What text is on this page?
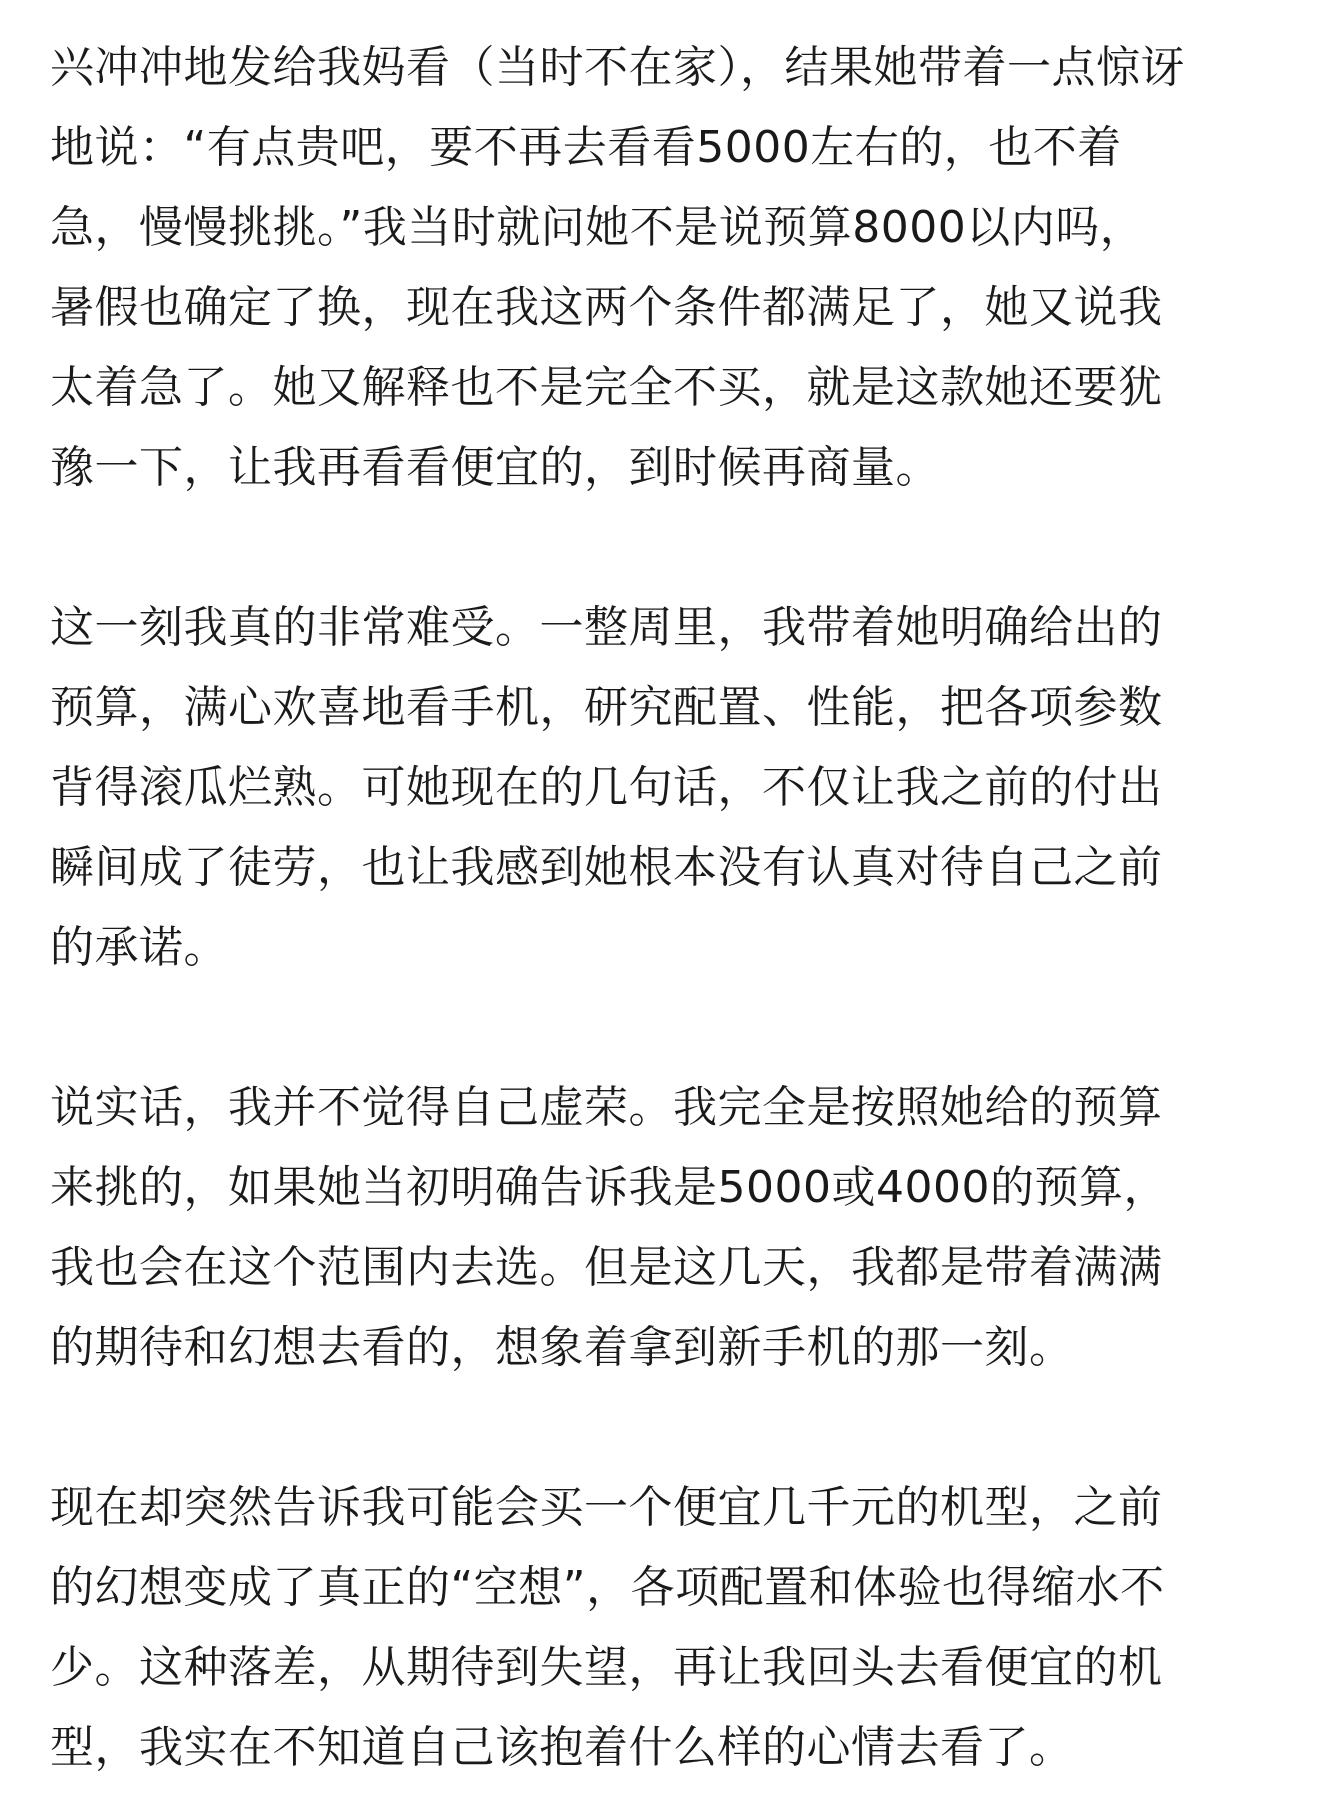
兴冲冲地发给我妈看（当时不在家），结果她带着一点惊讶
地说：“有点贵吧，要不再去看看5000左右的，也不着
急，慢慢挑挑。”我当时就问她不是说预算8000以内吗，
暑假也确定了换，现在我这两个条件都满足了，她又说我
太着急了。她又解释也不是完全不买，就是这款她还要犹
豫一下，让我再看看便宜的，到时候再商量。

这一刻我真的非常难受。一整周里，我带着她明确给出的
预算，满心欢喜地看手机，研究配置、性能，把各项参数
背得滚瓜烂熟。可她现在的几句话，不仅让我之前的付出
瞬间成了徒劳，也让我感到她根本没有认真对待自己之前
的承诺。

说实话，我并不觉得自己虚荣。我完全是按照她给的预算
来挑的，如果她当初明确告诉我是5000或4000的预算，
我也会在这个范围内去选。但是这几天，我都是带着满满
的期待和幻想去看的，想象着拿到新手机的那一刻。

现在却突然告诉我可能会买一个便宜几千元的机型，之前
的幻想变成了真正的“空想”，各项配置和体验也得缩水不
少。这种落差，从期待到失望，再让我回头去看便宜的机
型，我实在不知道自己该抱着什么样的心情去看了。
